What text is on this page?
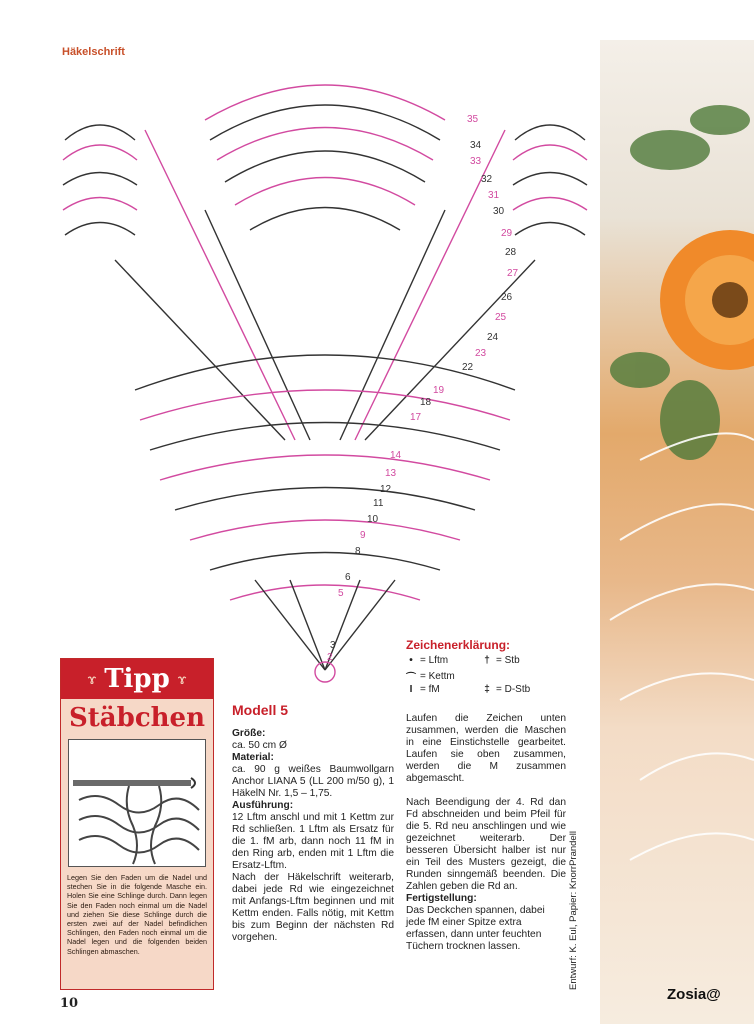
Häkelschrift
35
34
33
32
31
30
29
28
27
26
25
24
23
22
19
18
17
14
13
12
11
10
9
8
6
5
3
2
ɤ Tipp ɤ
Stäbchen

Legen Sie den Faden um die Nadel und stechen Sie in die folgende Masche ein. Holen Sie eine Schlinge durch. Dann legen Sie den Faden noch einmal um die Nadel und ziehen Sie diese Schlinge durch die ersten zwei auf der Nadel befindlichen Schlingen, den Faden noch einmal um die Nadel legen und die folgenden beiden Schlingen abmaschen.

Modell 5
Größe:
ca. 50 cm Ø
Material:
ca. 90 g weißes Baumwollgarn Anchor LIANA 5 (LL 200 m/50 g), 1 HäkelN Nr. 1,5 – 1,75.
Ausführung:
12 Lftm anschl und mit 1 Kettm zur Rd schließen. 1 Lftm als Ersatz für die 1. fM arb, dann noch 11 fM in den Ring arb, enden mit 1 Lftm die Ersatz-Lftm.
Nach der Häkelschrift weiterarb, dabei jede Rd wie eingezeichnet mit Anfangs-Lftm beginnen und mit Kettm enden. Falls nötig, mit Kettm bis zum Beginn der nächsten Rd vorgehen.
Zeichenerklärung:
• = Lftm
⌒ = Kettm
I = fM
† = Stb
‡ = D-Stb

Laufen die Zeichen unten zusammen, werden die Maschen in eine Einstichstelle gearbeitet. Laufen sie oben zusammen, werden die M zusammen abgemascht.

Nach Beendigung der 4. Rd dan Fd abschneiden und beim Pfeil für die 5. Rd neu anschlingen und wie gezeichnet weiterarb. Der besseren Übersicht halber ist nur ein Teil des Musters gezeigt, die Runden sinngemäß beenden. Die Zahlen geben die Rd an.

Fertigstellung:
Das Deckchen spannen, dabei jede fM einer Spitze extra erfassen, dann unter feuchten Tüchern trocknen lassen.	Entwurf: K. Eul, Papier: KnorrPrandell
10
Zosia@
